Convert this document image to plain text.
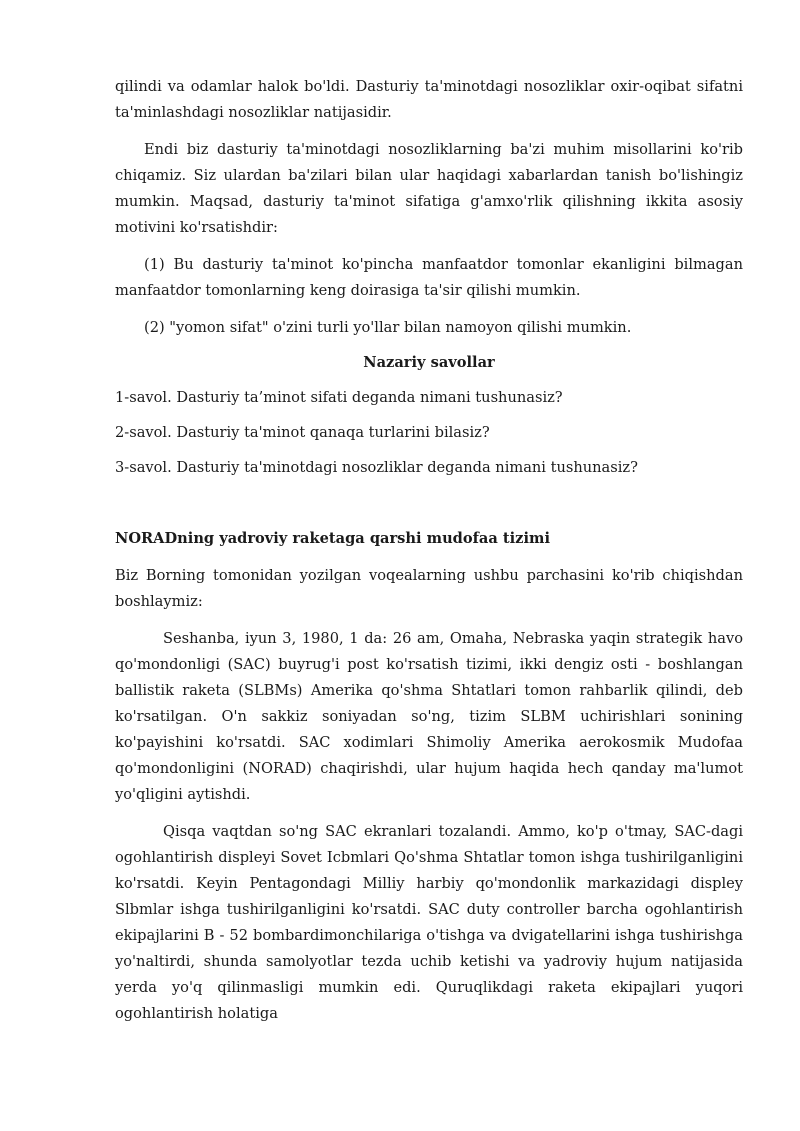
qilindi va odamlar halok bo'ldi. Dasturiy ta'minotdagi nosozliklar oxir-oqibat sifatni ta'minlashdagi nosozliklar natijasidir.

Endi biz dasturiy ta'minotdagi nosozliklarning ba'zi muhim misollarini ko'rib chiqamiz. Siz ulardan ba'zilari bilan ular haqidagi xabarlardan tanish bo'lishingiz mumkin. Maqsad, dasturiy ta'minot sifatiga g'amxo'rlik qilishning ikkita asosiy motivini ko'rsatishdir:

(1) Bu dasturiy ta'minot ko'pincha manfaatdor tomonlar ekanligini bilmagan manfaatdor tomonlarning keng doirasiga ta'sir qilishi mumkin.

(2) "yomon sifat" o'zini turli yo'llar bilan namoyon qilishi mumkin.

Nazariy savollar

1-savol. Dasturiy ta’minot sifati deganda nimani tushunasiz?

2-savol. Dasturiy ta'minot qanaqa turlarini bilasiz?

3-savol. Dasturiy ta'minotdagi nosozliklar deganda nimani tushunasiz?

NORADning yadroviy raketaga qarshi mudofaa tizimi

Biz Borning tomonidan yozilgan voqealarning ushbu parchasini ko'rib chiqishdan boshlaymiz:

Seshanba, iyun 3, 1980, 1 da: 26 am, Omaha, Nebraska yaqin strategik havo qo'mondonligi (SAC) buyrug'i post ko'rsatish tizimi, ikki dengiz osti - boshlangan ballistik raketa (SLBMs) Amerika qo'shma Shtatlari tomon rahbarlik qilindi, deb ko'rsatilgan. O'n sakkiz soniyadan so'ng, tizim SLBM uchirishlari sonining ko'payishini ko'rsatdi. SAC xodimlari Shimoliy Amerika aerokosmik Mudofaa qo'mondonligini (NORAD) chaqirishdi, ular hujum haqida hech qanday ma'lumot yo'qligini aytishdi.

Qisqa vaqtdan so'ng SAC ekranlari tozalandi. Ammo, ko'p o'tmay, SAC-dagi ogohlantirish displeyi Sovet Icbmlari Qo'shma Shtatlar tomon ishga tushirilganligini ko'rsatdi. Keyin Pentagondagi Milliy harbiy qo'mondonlik markazidagi displey Slbmlar ishga tushirilganligini ko'rsatdi. SAC duty controller barcha ogohlantirish ekipajlarini B - 52 bombardimonchilariga o'tishga va dvigatellarini ishga tushirishga yo'naltirdi, shunda samolyotlar tezda uchib ketishi va yadroviy hujum natijasida yerda yo'q qilinmasligi mumkin edi. Quruqlikdagi raketa ekipajlari yuqori ogohlantirish holatiga
